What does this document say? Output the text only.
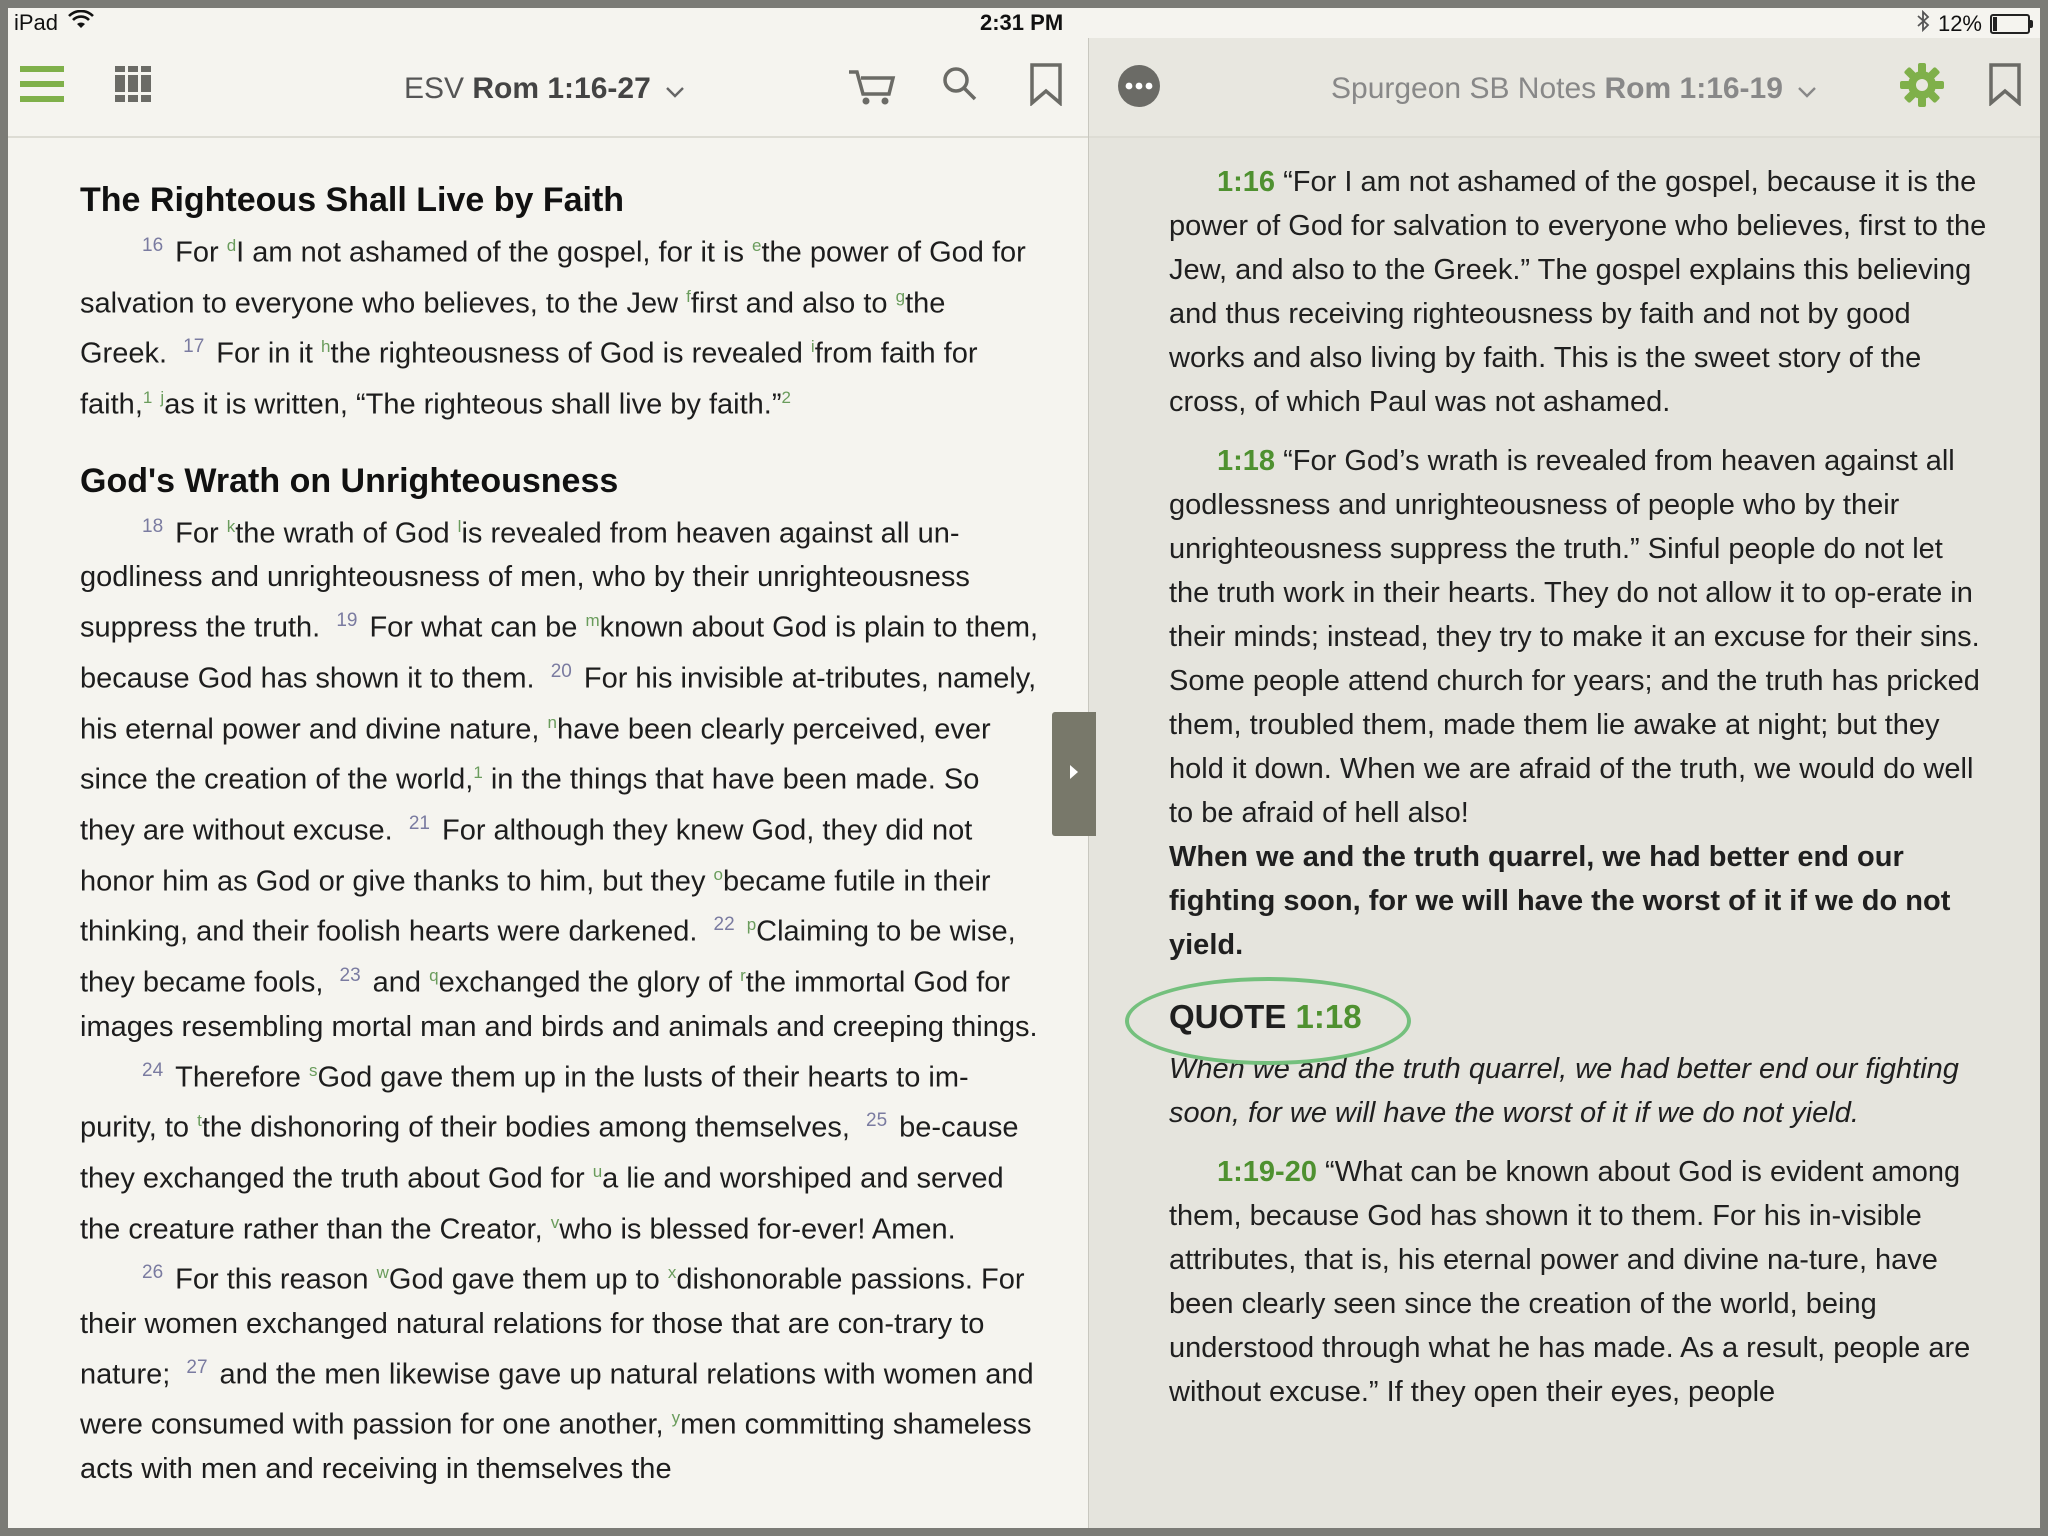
iPad	2:31 PM	12%
ESV Rom 1:16-27
The Righteous Shall Live by Faith

$^{16}$ For $^d$I am not ashamed of the gospel, for it is $^e$the power of God for salvation to everyone who believes, to the Jew $^f$first and also to $^g$the Greek.  $^{17}$ For in it $^h$the righteousness of God is revealed $^i$from faith for faith,$^1$ $^j$as it is written, “The righteous shall live by faith.”$^2$

God's Wrath on Unrighteousness

$^{18}$ For $^k$the wrath of God $^l$is revealed from heaven against all un-godliness and unrighteousness of men, who by their unrighteousness suppress the truth.  $^{19}$ For what can be $^m$known about God is plain to them, because God has shown it to them.  $^{20}$ For his invisible at-tributes, namely, his eternal power and divine nature, $^n$have been clearly perceived, ever since the creation of the world,$^1$ in the things that have been made. So they are without excuse.  $^{21}$ For although they knew God, they did not honor him as God or give thanks to him, but they $^o$became futile in their thinking, and their foolish hearts were darkened.  $^{22}$ $^p$Claiming to be wise, they became fools,  $^{23}$ and $^q$exchanged the glory of $^r$the immortal God for images resembling mortal man and birds and animals and creeping things.

$^{24}$ Therefore $^s$God gave them up in the lusts of their hearts to im-purity, to $^t$the dishonoring of their bodies among themselves,  $^{25}$ be-cause they exchanged the truth about God for $^u$a lie and worshiped and served the creature rather than the Creator, $^v$who is blessed for-ever! Amen.

$^{26}$ For this reason $^w$God gave them up to $^x$dishonorable passions. For their women exchanged natural relations for those that are con-trary to nature;  $^{27}$ and the men likewise gave up natural relations with women and were consumed with passion for one another, $^y$men committing shameless acts with men and receiving in themselves the

Spurgeon SB Notes Rom 1:16-19

1:16 “For I am not ashamed of the gospel, because it is the power of God for salvation to everyone who believes, first to the Jew, and also to the Greek.” The gospel explains this believing and thus receiving righteousness by faith and not by good works and also living by faith. This is the sweet story of the cross, of which Paul was not ashamed.

1:18 “For God’s wrath is revealed from heaven against all godlessness and unrighteousness of people who by their unrighteousness suppress the truth.” Sinful people do not let the truth work in their hearts. They do not allow it to op-erate in their minds; instead, they try to make it an excuse for their sins. Some people attend church for years; and the truth has pricked them, troubled them, made them lie awake at night; but they hold it down. When we are afraid of the truth, we would do well to be afraid of hell also!

When we and the truth quarrel, we had better end our fighting soon, for we will have the worst of it if we do not yield.

QUOTE 1:18

When we and the truth quarrel, we had better end our fighting soon, for we will have the worst of it if we do not yield.

1:19-20 “What can be known about God is evident among them, because God has shown it to them. For his in-visible attributes, that is, his eternal power and divine na-ture, have been clearly seen since the creation of the world, being understood through what he has made. As a result, people are without excuse.” If they open their eyes, people
